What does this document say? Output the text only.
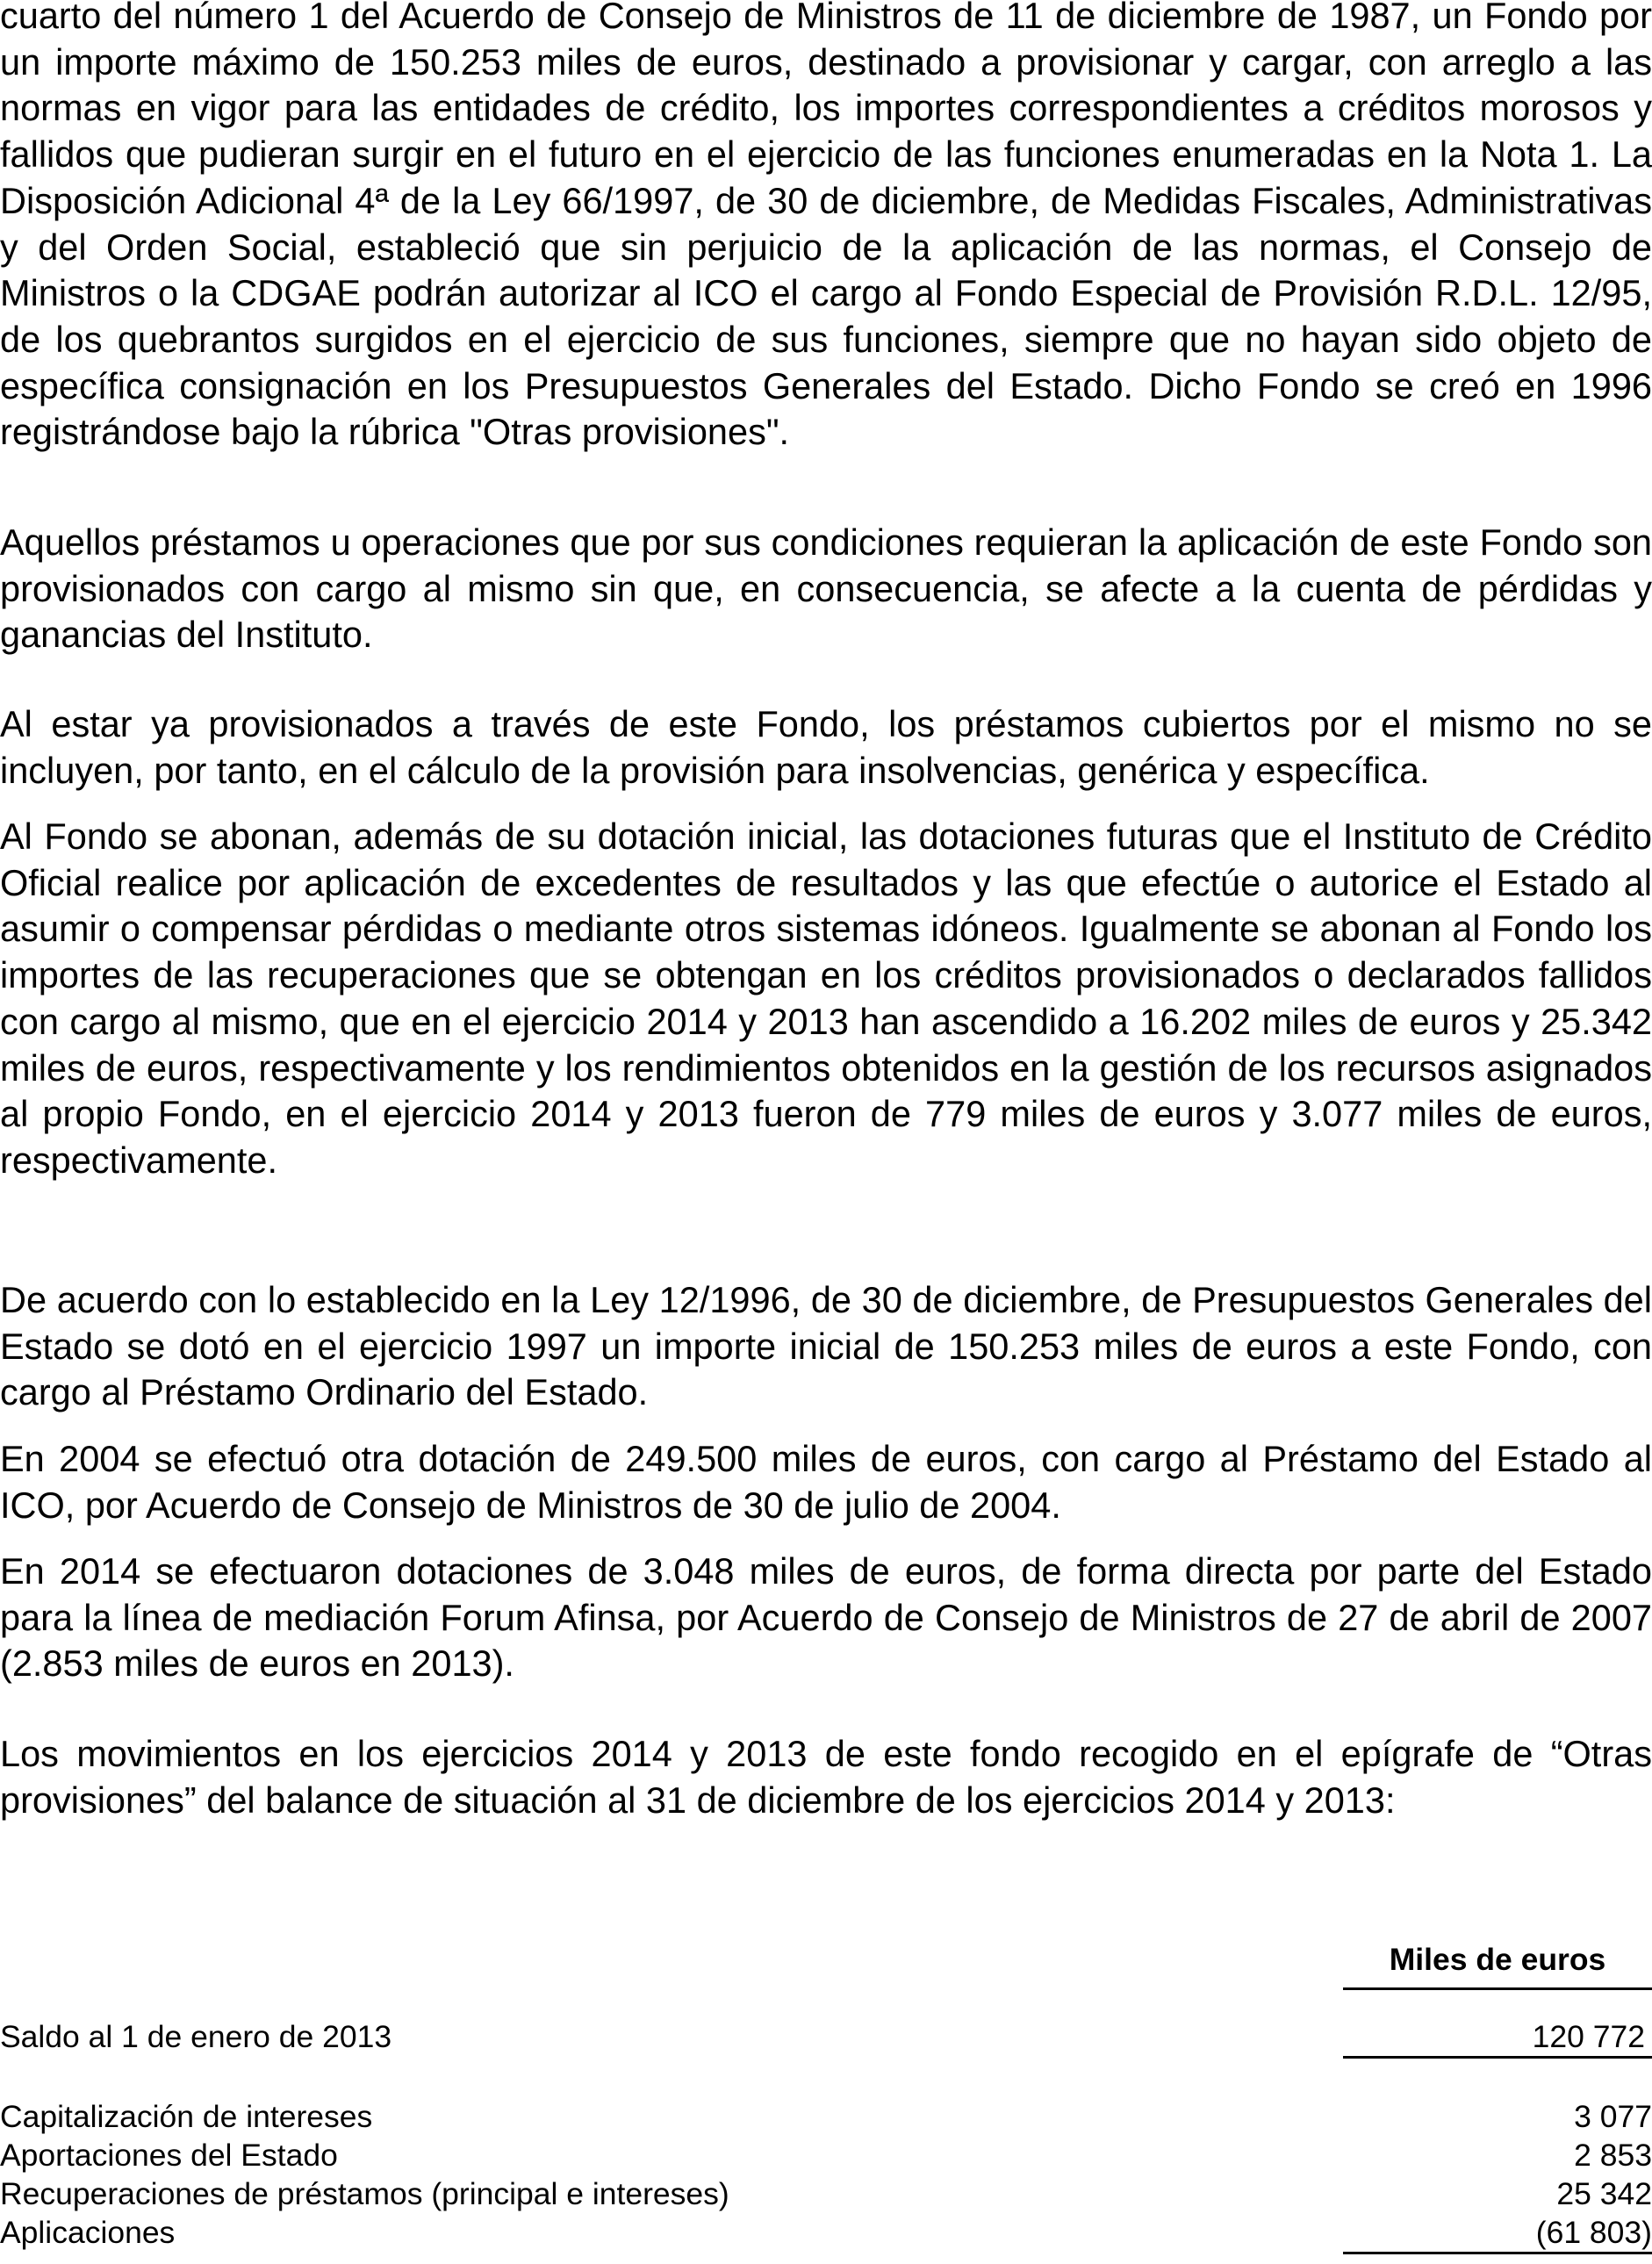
cuarto del número 1 del Acuerdo de Consejo de Ministros de 11 de diciembre de 1987, un Fondo por un importe máximo de 150.253 miles de euros, destinado a provisionar y cargar, con arreglo a las normas en vigor para las entidades de crédito, los importes correspondientes a créditos morosos y fallidos que pudieran surgir en el futuro en el ejercicio de las funciones enumeradas en la Nota 1. La Disposición Adicional 4ª de la Ley 66/1997, de 30 de diciembre, de Medidas Fiscales, Administrativas y del Orden Social, estableció que sin perjuicio de la aplicación de las normas, el Consejo de Ministros o la CDGAE podrán autorizar al ICO el cargo al Fondo Especial de Provisión R.D.L. 12/95, de los quebrantos surgidos en el ejercicio de sus funciones, siempre que no hayan sido objeto de específica consignación en los Presupuestos Generales del Estado. Dicho Fondo se creó en 1996 registrándose bajo la rúbrica "Otras provisiones".

Aquellos préstamos u operaciones que por sus condiciones requieran la aplicación de este Fondo son provisionados con cargo al mismo sin que, en consecuencia, se afecte a la cuenta de pérdidas y ganancias del Instituto.

Al estar ya provisionados a través de este Fondo, los préstamos cubiertos por el mismo no se incluyen, por tanto, en el cálculo de la provisión para insolvencias, genérica y específica.

Al Fondo se abonan, además de su dotación inicial, las dotaciones futuras que el Instituto de Crédito Oficial realice por aplicación de excedentes de resultados y las que efectúe o autorice el Estado al asumir o compensar pérdidas o mediante otros sistemas idóneos. Igualmente se abonan al Fondo los importes de las recuperaciones que se obtengan en los créditos provisionados o declarados fallidos con cargo al mismo, que en el ejercicio 2014 y 2013 han ascendido a 16.202 miles de euros y 25.342 miles de euros, respectivamente y los rendimientos obtenidos en la gestión de los recursos asignados al propio Fondo, en el ejercicio 2014 y 2013 fueron de 779 miles de euros y 3.077 miles de euros, respectivamente.

De acuerdo con lo establecido en la Ley 12/1996, de 30 de diciembre, de Presupuestos Generales del Estado se dotó en el ejercicio 1997 un importe inicial de 150.253 miles de euros a este Fondo, con cargo al Préstamo Ordinario del Estado.

En 2004 se efectuó otra dotación de 249.500 miles de euros, con cargo al Préstamo del Estado al ICO, por Acuerdo de Consejo de Ministros de 30 de julio de 2004.

En 2014 se efectuaron dotaciones de 3.048 miles de euros, de forma directa por parte del Estado para la línea de mediación Forum Afinsa, por Acuerdo de Consejo de Ministros de 27 de abril de 2007 (2.853 miles de euros en 2013).

Los movimientos en los ejercicios 2014 y 2013 de este fondo recogido en el epígrafe de “Otras provisiones” del balance de situación al 31 de diciembre de los ejercicios 2014 y 2013:

Miles de euros
Saldo al 1 de enero de 2013	120 772
Capitalización de intereses	3 077
Aportaciones del Estado	2 853
Recuperaciones de préstamos (principal e intereses)	25 342
Aplicaciones	(61 803)
